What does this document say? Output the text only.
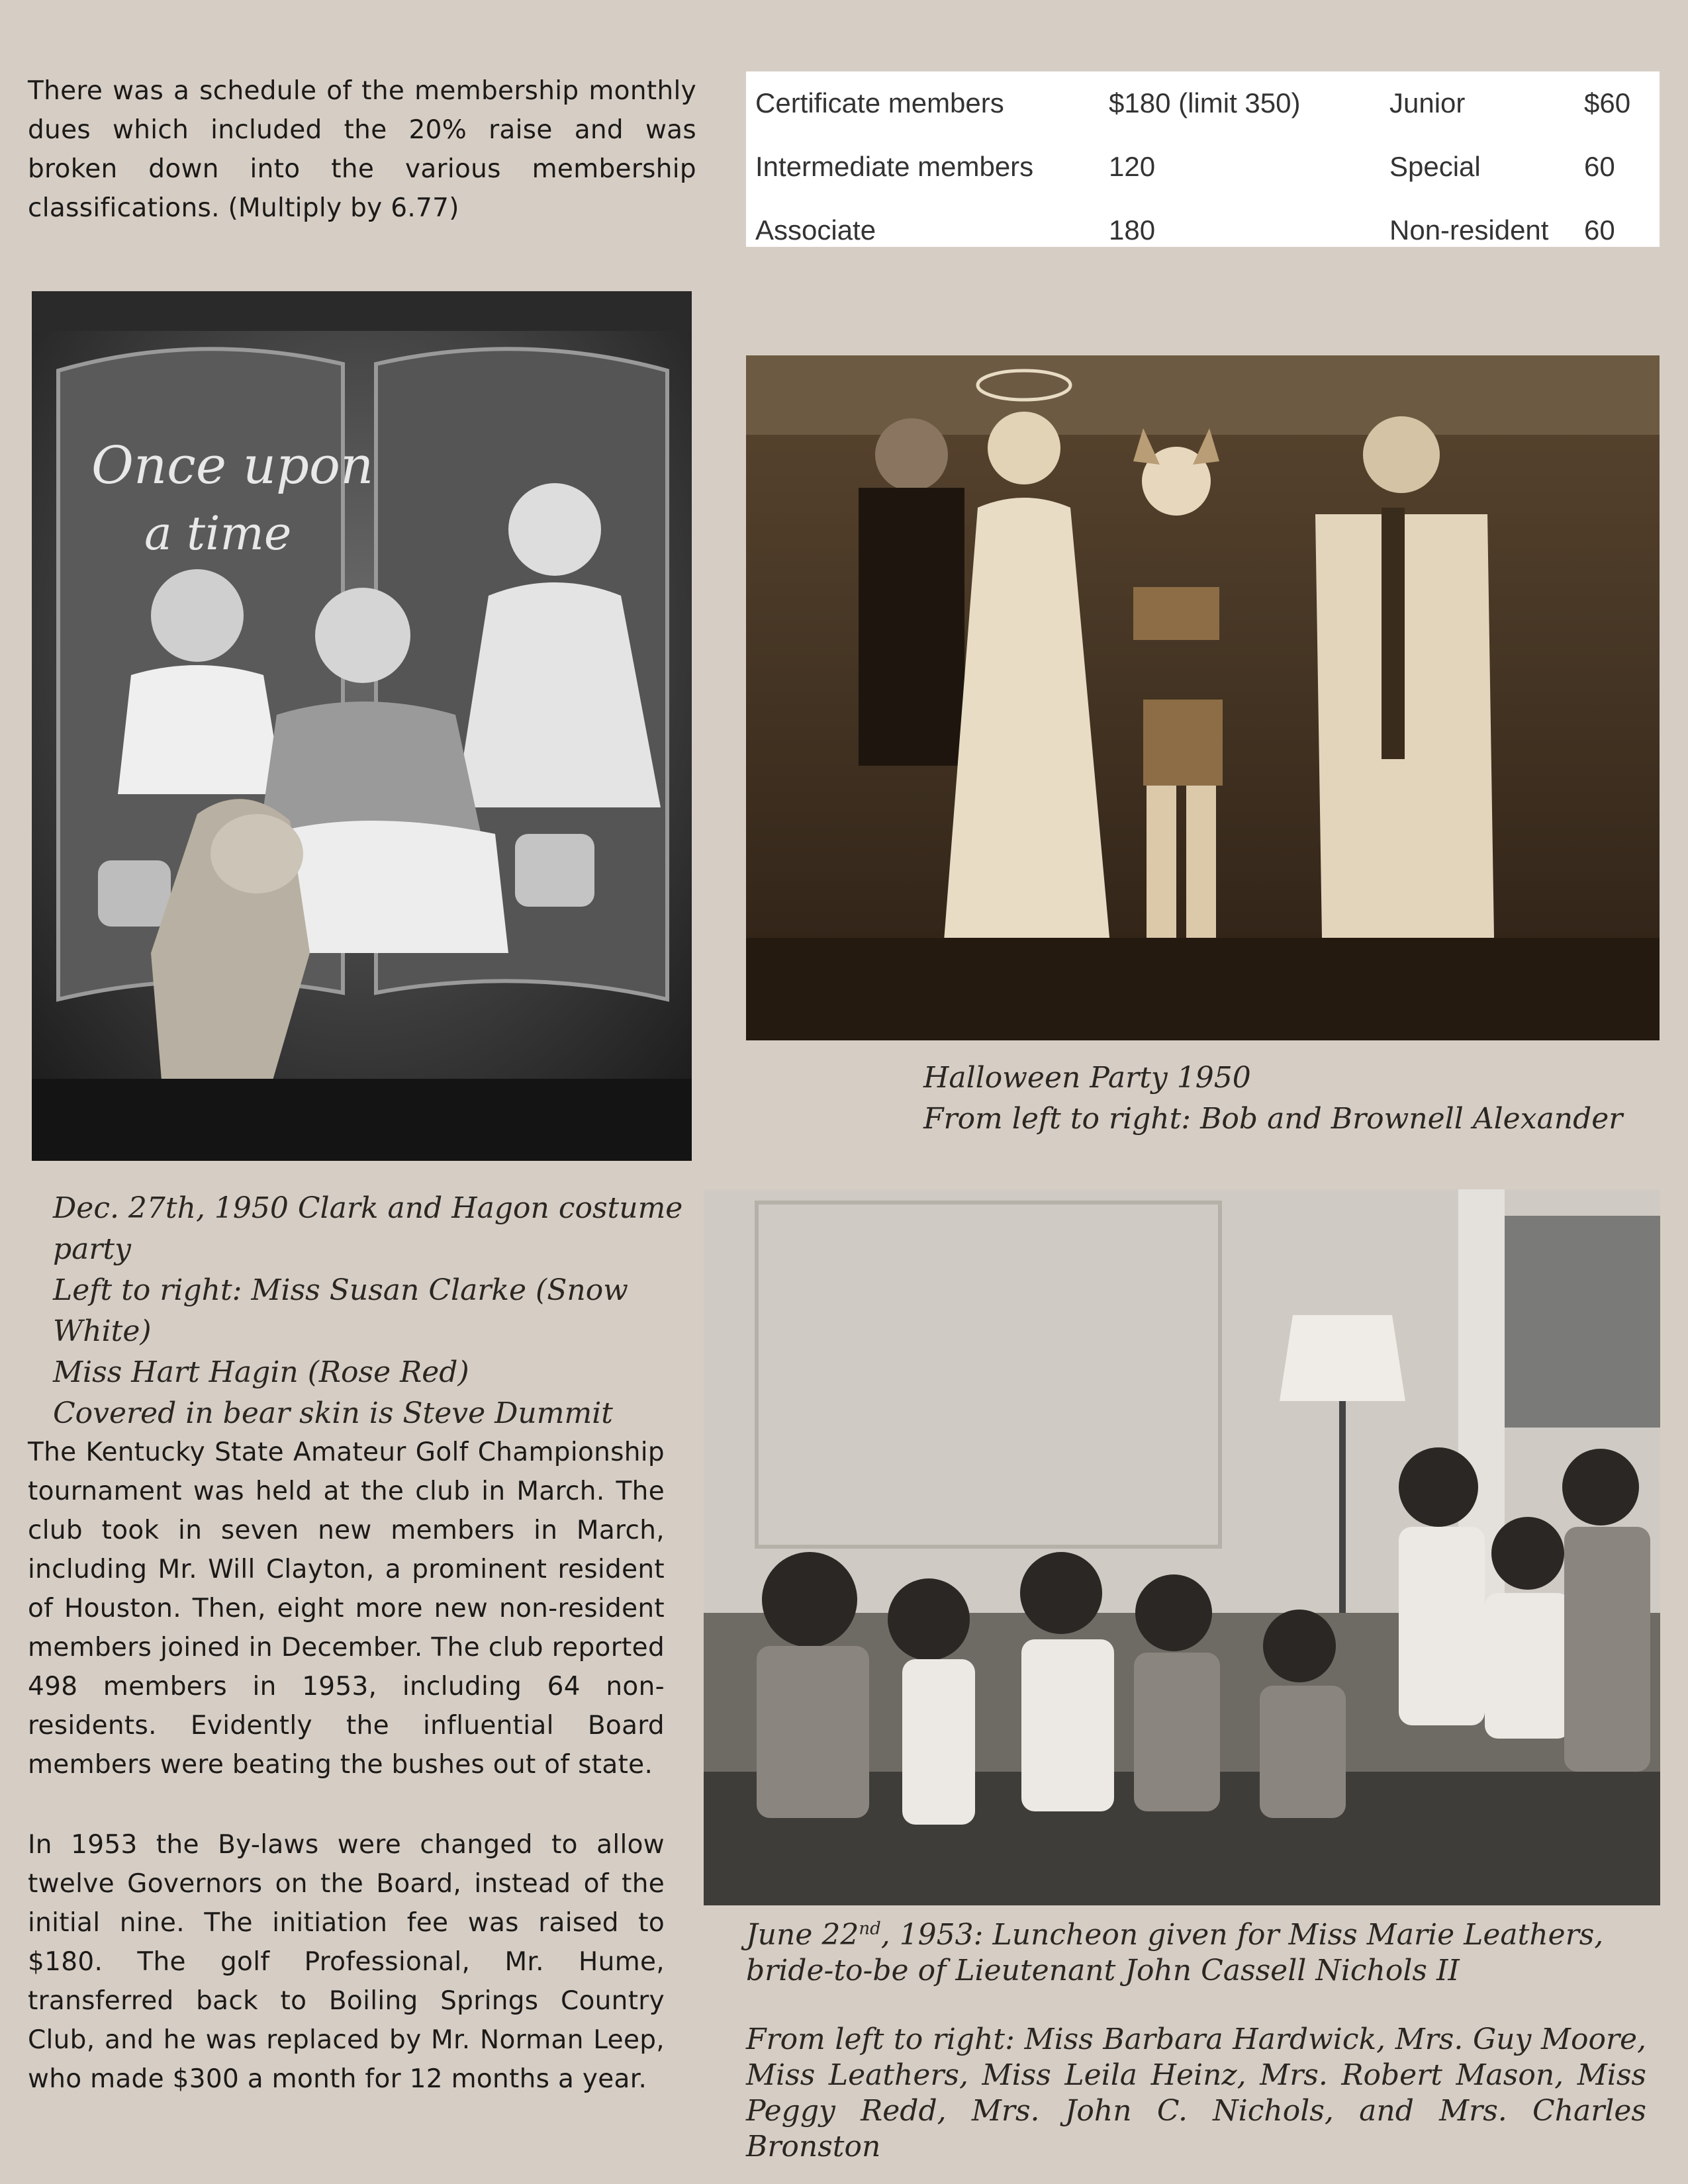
There was a schedule of the membership monthly dues which included the 20% raise and was broken down into the various membership classifications. (Multiply by 6.77)

Certificate members	$180 (limit 350)	Junior	$60
Intermediate members	120	Special	60
Associate	180	Non-resident	60
Once upon
a time

Halloween Party 1950

From left to right: Bob and Brownell Alexander

Dec. 27th, 1950 Clark and Hagon costume party

Left to right: Miss Susan Clarke (Snow White)

Miss Hart Hagin (Rose Red)

Covered in bear skin is Steve Dummit

The Kentucky State Amateur Golf Championship tournament was held at the club in March. The club took in seven new members in March, including Mr. Will Clayton, a prominent resident of Houston. Then, eight more new non-resident members joined in December. The club reported 498 members in 1953, including 64 non-residents. Evidently the influential Board members were beating the bushes out of state.

In 1953 the By-laws were changed to allow twelve Governors on the Board, instead of the initial nine. The initiation fee was raised to $180. The golf Professional, Mr. Hume, transferred back to Boiling Springs Country Club, and he was replaced by Mr. Norman Leep, who made $300 a month for 12 months a year.

June 22nd, 1953: Luncheon given for Miss Marie Leathers,

bride-to-be of Lieutenant John Cassell Nichols II

From left to right: Miss Barbara Hardwick, Mrs. Guy Moore, Miss Leathers, Miss Leila Heinz, Mrs. Robert Mason, Miss Peggy Redd, Mrs. John C. Nichols, and Mrs. Charles Bronston
